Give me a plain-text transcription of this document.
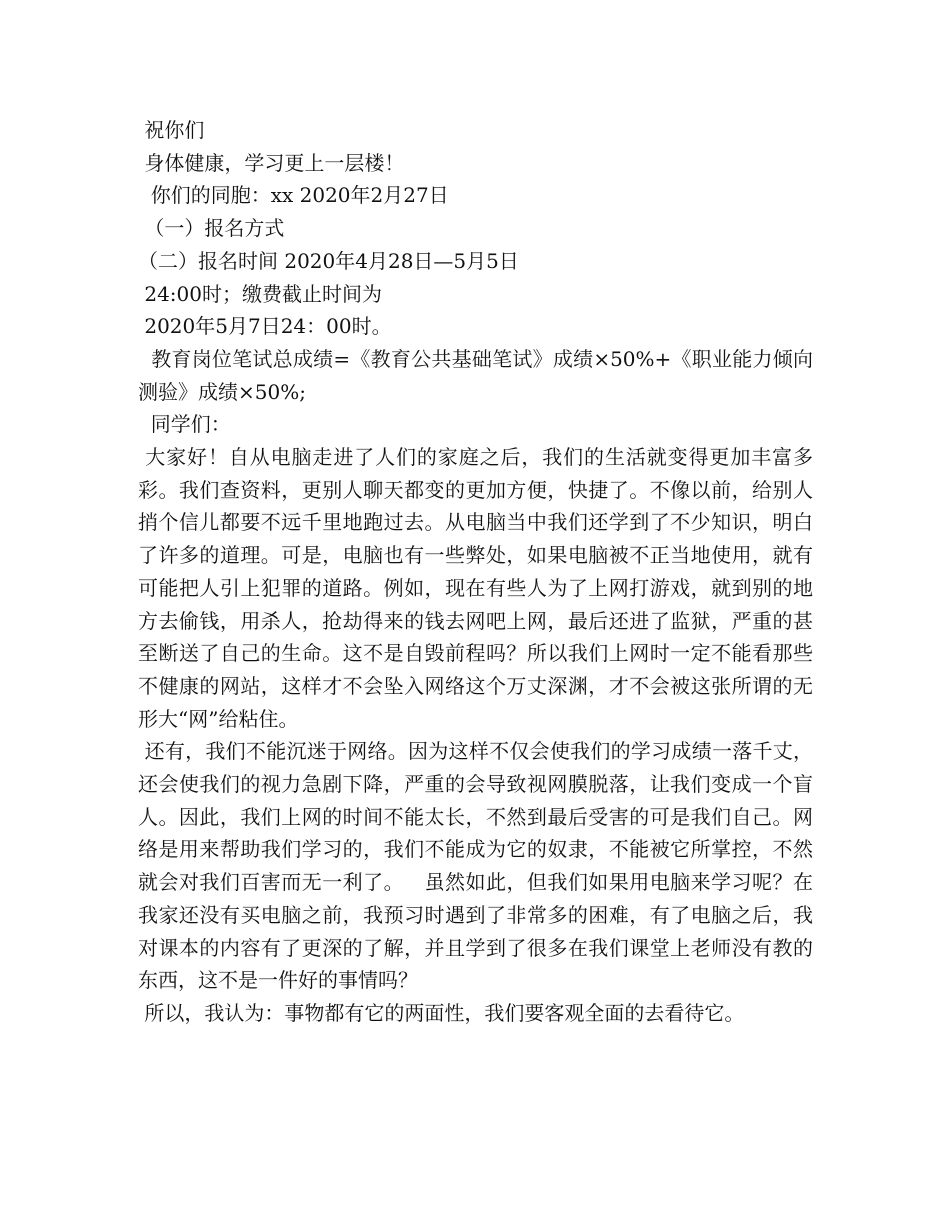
祝你们

身体健康，学习更上一层楼！

你们的同胞：xx 2020年2月27日

（一）报名方式

（二）报名时间 2020年4月28日—5月5日

24:00时；缴费截止时间为

2020年5月7日24：00时。

教育岗位笔试总成绩=《教育公共基础笔试》成绩×50%+《职业能力倾向测验》成绩×50%;

同学们：

大家好！自从电脑走进了人们的家庭之后，我们的生活就变得更加丰富多彩。我们查资料，更别人聊天都变的更加方便，快捷了。不像以前，给别人捎个信儿都要不远千里地跑过去。从电脑当中我们还学到了不少知识，明白了许多的道理。可是，电脑也有一些弊处，如果电脑被不正当地使用，就有可能把人引上犯罪的道路。例如，现在有些人为了上网打游戏，就到别的地方去偷钱，用杀人，抢劫得来的钱去网吧上网，最后还进了监狱，严重的甚至断送了自己的生命。这不是自毁前程吗？所以我们上网时一定不能看那些不健康的网站，这样才不会坠入网络这个万丈深渊，才不会被这张所谓的无形大“网”给粘住。

还有，我们不能沉迷于网络。因为这样不仅会使我们的学习成绩一落千丈，还会使我们的视力急剧下降，严重的会导致视网膜脱落，让我们变成一个盲人。因此，我们上网的时间不能太长，不然到最后受害的可是我们自己。网络是用来帮助我们学习的，我们不能成为它的奴隶，不能被它所掌控，不然就会对我们百害而无一利了。   虽然如此，但我们如果用电脑来学习呢？在我家还没有买电脑之前，我预习时遇到了非常多的困难，有了电脑之后，我对课本的内容有了更深的了解，并且学到了很多在我们课堂上老师没有教的东西，这不是一件好的事情吗？

所以，我认为：事物都有它的两面性，我们要客观全面的去看待它。
